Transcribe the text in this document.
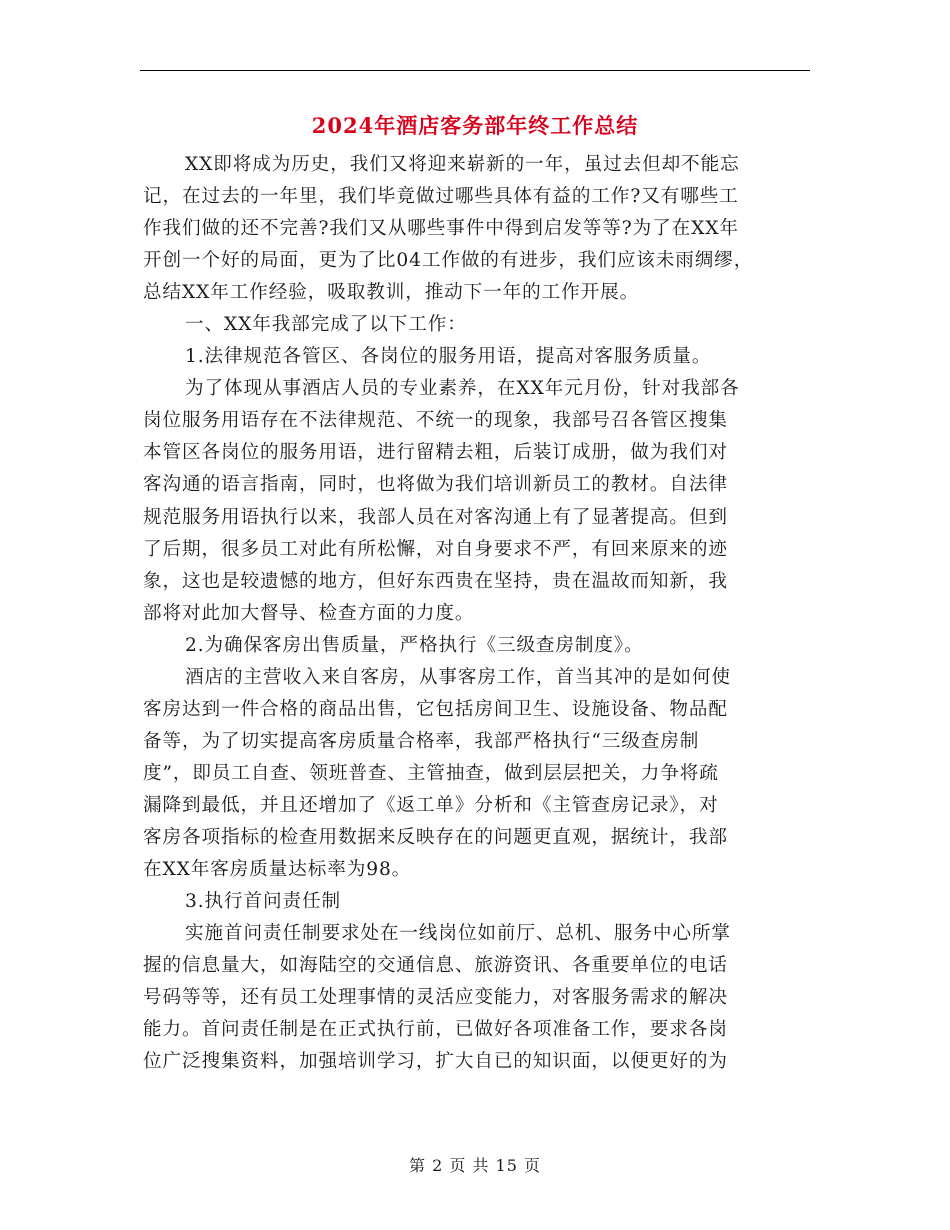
2024年酒店客务部年终工作总结
XX即将成为历史，我们又将迎来崭新的一年，虽过去但却不能忘
记，在过去的一年里，我们毕竟做过哪些具体有益的工作?又有哪些工
作我们做的还不完善?我们又从哪些事件中得到启发等等?为了在XX年
开创一个好的局面，更为了比04工作做的有进步，我们应该未雨绸缪，
总结XX年工作经验，吸取教训，推动下一年的工作开展。
一、XX年我部完成了以下工作：
1.法律规范各管区、各岗位的服务用语，提高对客服务质量。
为了体现从事酒店人员的专业素养，在XX年元月份，针对我部各
岗位服务用语存在不法律规范、不统一的现象，我部号召各管区搜集
本管区各岗位的服务用语，进行留精去粗，后装订成册，做为我们对
客沟通的语言指南，同时，也将做为我们培训新员工的教材。自法律
规范服务用语执行以来，我部人员在对客沟通上有了显著提高。但到
了后期，很多员工对此有所松懈，对自身要求不严，有回来原来的迹
象，这也是较遗憾的地方，但好东西贵在坚持，贵在温故而知新，我
部将对此加大督导、检查方面的力度。
2.为确保客房出售质量，严格执行《三级查房制度》。
酒店的主营收入来自客房，从事客房工作，首当其冲的是如何使
客房达到一件合格的商品出售，它包括房间卫生、设施设备、物品配
备等，为了切实提高客房质量合格率，我部严格执行“三级查房制
度”，即员工自查、领班普查、主管抽查，做到层层把关，力争将疏
漏降到最低，并且还增加了《返工单》分析和《主管查房记录》，对
客房各项指标的检查用数据来反映存在的问题更直观，据统计，我部
在XX年客房质量达标率为98。
3.执行首问责任制
实施首问责任制要求处在一线岗位如前厅、总机、服务中心所掌
握的信息量大，如海陆空的交通信息、旅游资讯、各重要单位的电话
号码等等，还有员工处理事情的灵活应变能力，对客服务需求的解决
能力。首问责任制是在正式执行前，已做好各项准备工作，要求各岗
位广泛搜集资料，加强培训学习，扩大自已的知识面，以便更好的为
第 2 页 共 15 页
